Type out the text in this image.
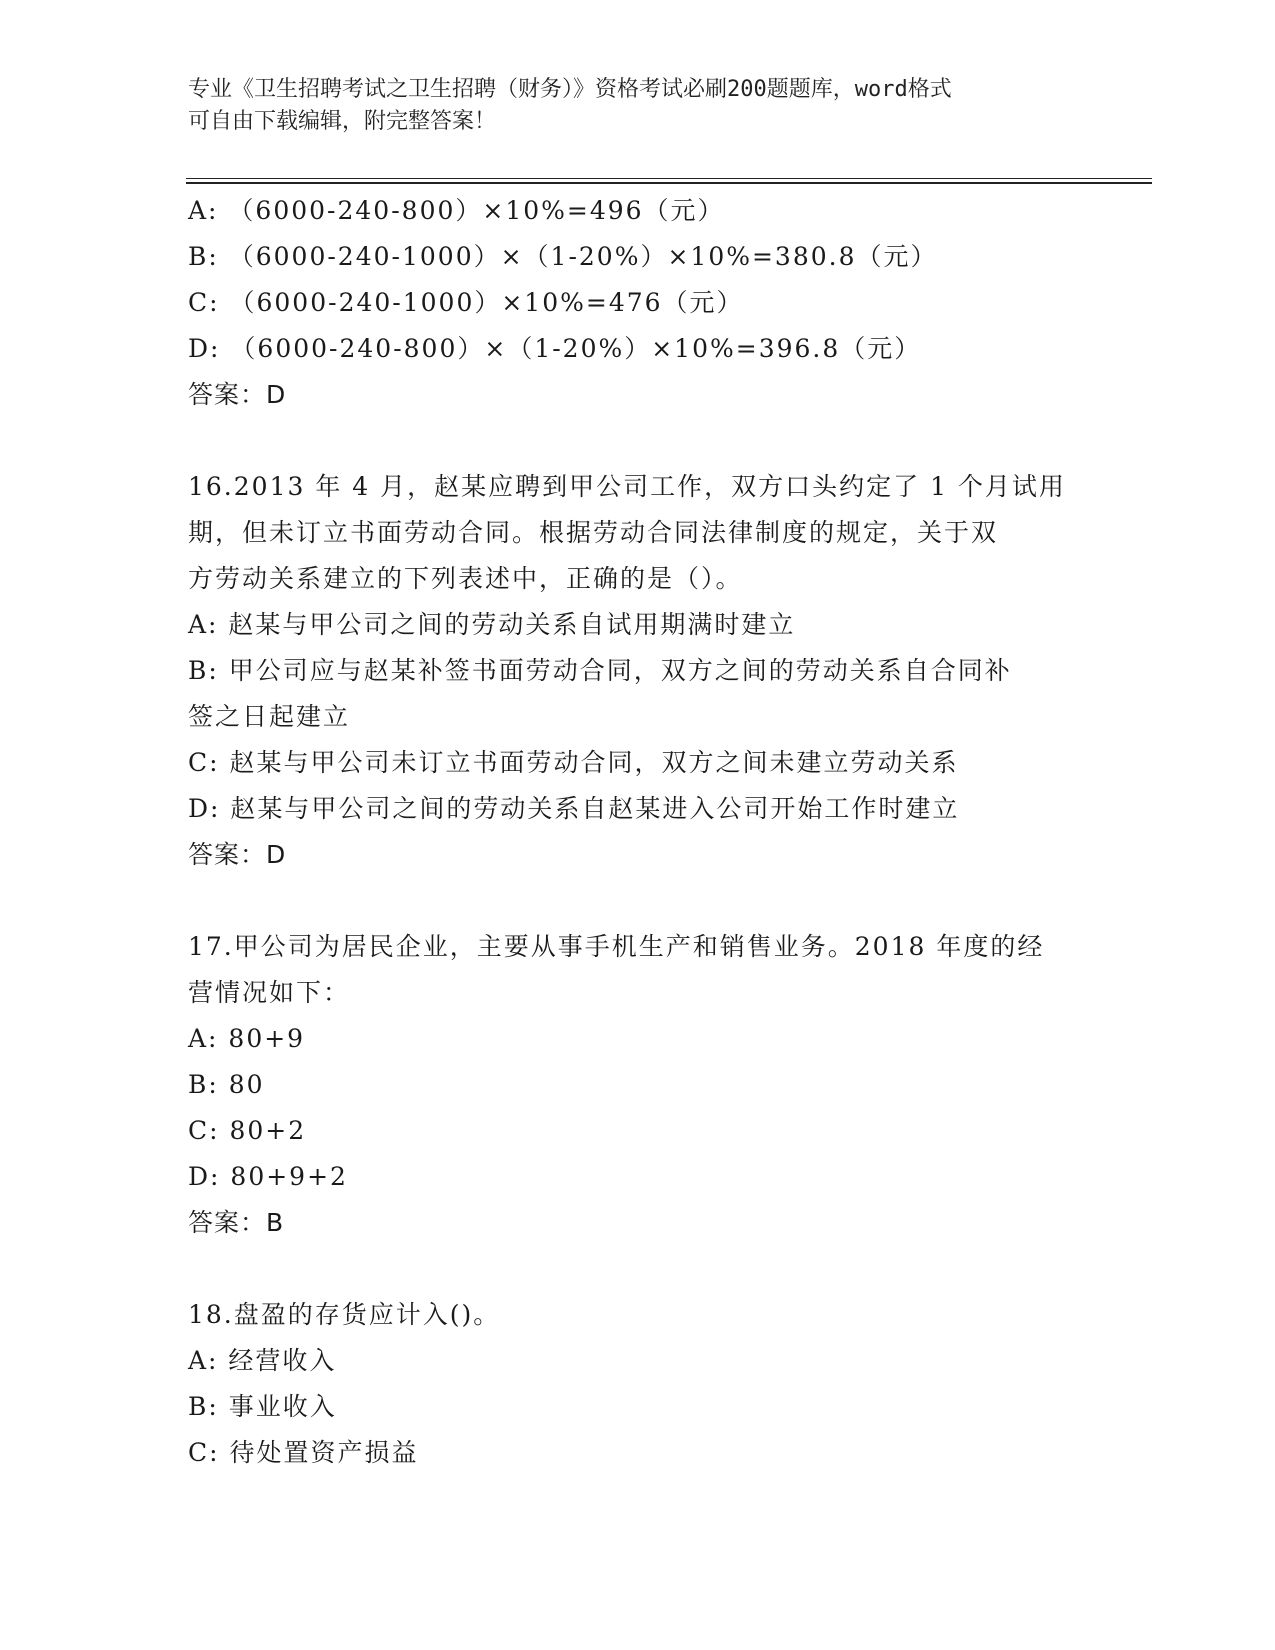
专业《卫生招聘考试之卫生招聘（财务）》资格考试必刷200题题库，word格式
可自由下载编辑，附完整答案！
A: （6000-240-800）×10%=496（元）
B: （6000-240-1000）×（1-20%）×10%=380.8（元）
C: （6000-240-1000）×10%=476（元）
D: （6000-240-800）×（1-20%）×10%=396.8（元）
答案：D
16.2013 年 4 月，赵某应聘到甲公司工作，双方口头约定了 1 个月试用
期，但未订立书面劳动合同。根据劳动合同法律制度的规定，关于双
方劳动关系建立的下列表述中，正确的是（）。
A: 赵某与甲公司之间的劳动关系自试用期满时建立
B: 甲公司应与赵某补签书面劳动合同，双方之间的劳动关系自合同补
签之日起建立
C: 赵某与甲公司未订立书面劳动合同，双方之间未建立劳动关系
D: 赵某与甲公司之间的劳动关系自赵某进入公司开始工作时建立
答案：D
17.甲公司为居民企业，主要从事手机生产和销售业务。2018 年度的经
营情况如下：
A: 80+9
B: 80
C: 80+2
D: 80+9+2
答案：B
18.盘盈的存货应计入()。
A: 经营收入
B: 事业收入
C: 待处置资产损益
